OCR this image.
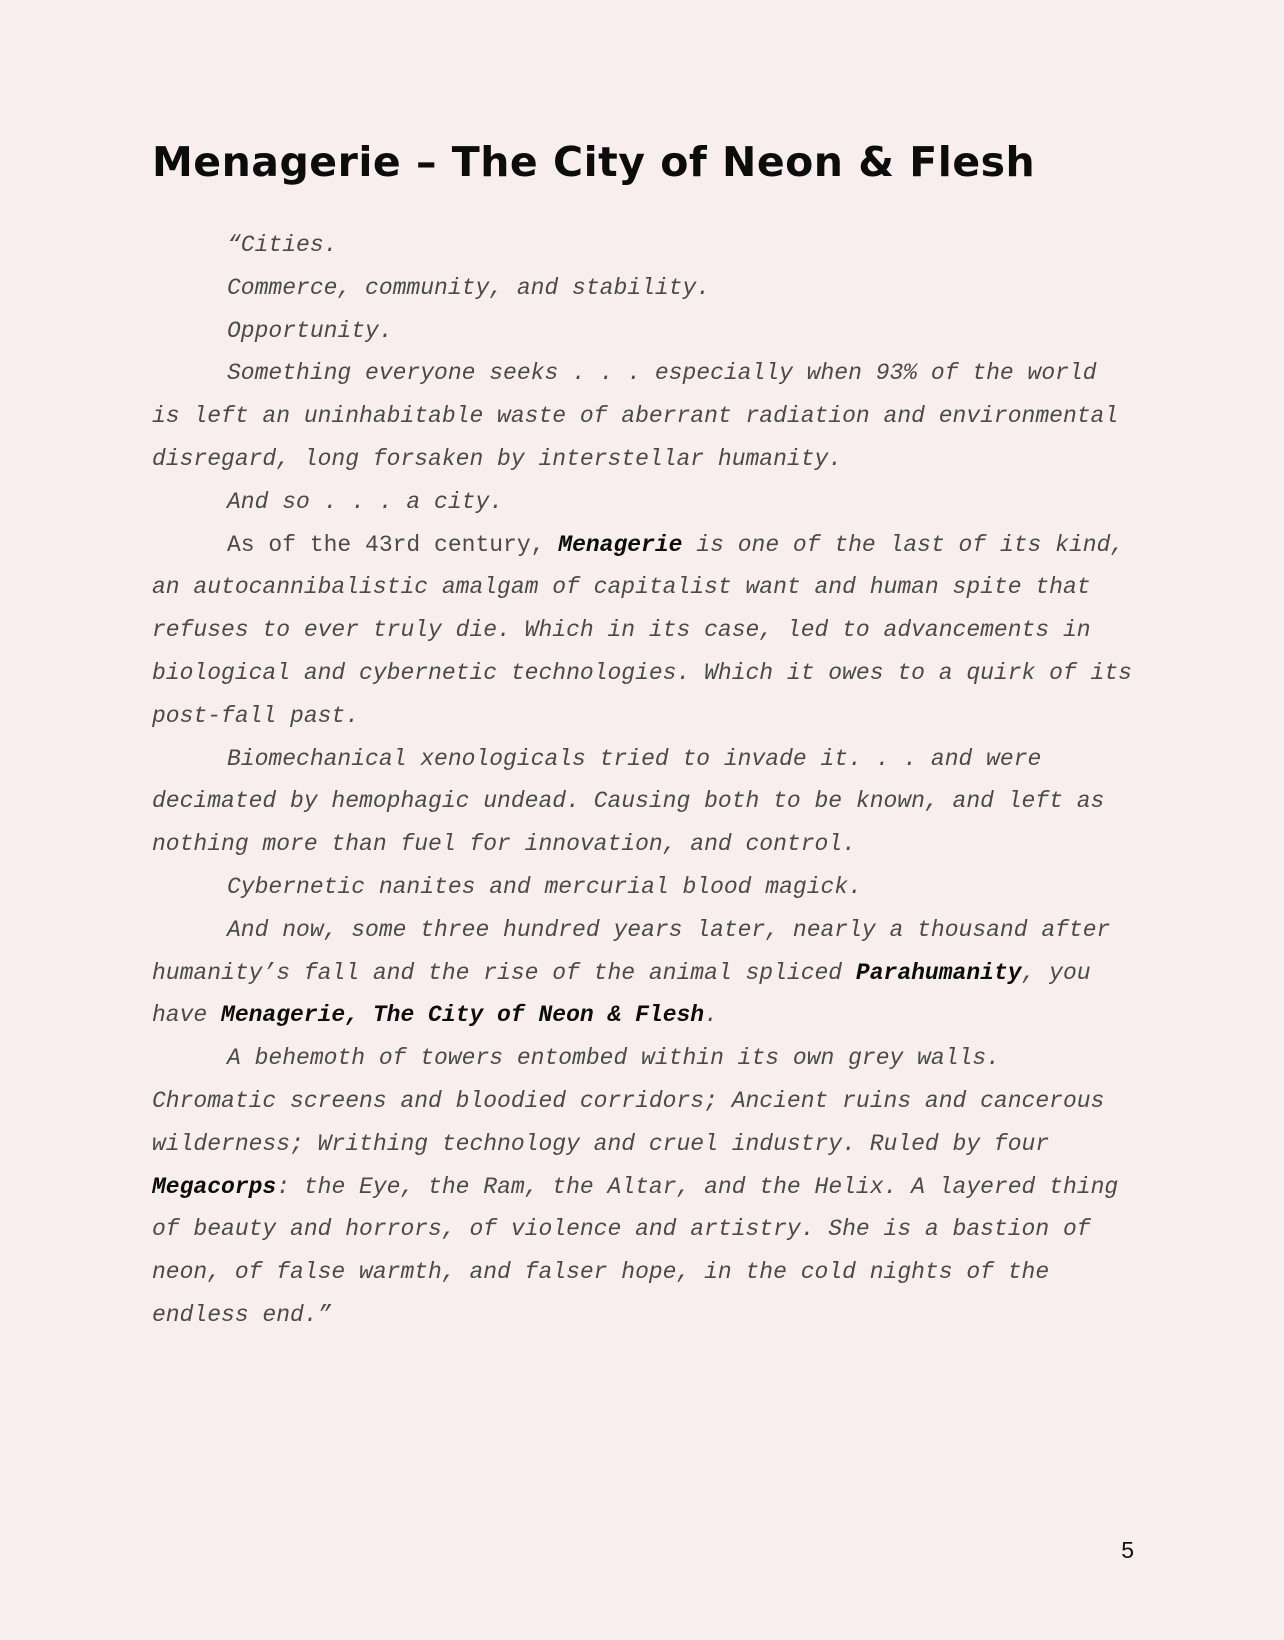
Menagerie – The City of Neon & Flesh

“Cities.

Commerce, community, and stability.

Opportunity.

Something everyone seeks . . . especially when 93% of the world is left an uninhabitable waste of aberrant radiation and environmental disregard, long forsaken by interstellar humanity.

And so . . . a city.

As of the 43rd century, Menagerie is one of the last of its kind, an autocannibalistic amalgam of capitalist want and human spite that refuses to ever truly die. Which in its case, led to advancements in biological and cybernetic technologies. Which it owes to a quirk of its post-fall past.

Biomechanical xenologicals tried to invade it. . . and were decimated by hemophagic undead. Causing both to be known, and left as nothing more than fuel for innovation, and control.

Cybernetic nanites and mercurial blood magick.

And now, some three hundred years later, nearly a thousand after humanity’s fall and the rise of the animal spliced Parahumanity, you have Menagerie, The City of Neon & Flesh.

A behemoth of towers entombed within its own grey walls. Chromatic screens and bloodied corridors; Ancient ruins and cancerous wilderness; Writhing technology and cruel industry. Ruled by four Megacorps: the Eye, the Ram, the Altar, and the Helix. A layered thing of beauty and horrors, of violence and artistry. She is a bastion of neon, of false warmth, and falser hope, in the cold nights of the endless end.”

5
